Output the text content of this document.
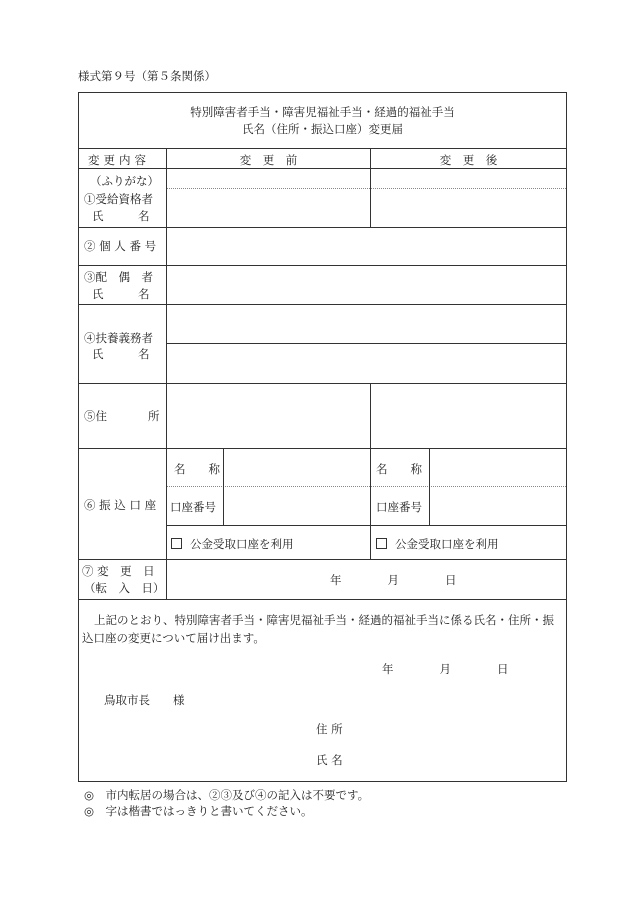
様式第９号（第５条関係）
特別障害者手当・障害児福祉手当・経過的福祉手当
氏名（住所・振込口座）変更届
変更内容	変　更　前	変　更　後
（ふりがな）
①受給資格者
氏　　　名
② 個 人 番 号
③配　偶　者
氏　　　名
④扶養義務者
氏　　　名
⑤住	所
⑥ 振 込 口 座
名　　称	名　　称
口座番号	口座番号
公金受取口座を利用	公金受取口座を利用
⑦ 変　更　日
（転　入　日）
年　　　　月　　　　日
上記のとおり、特別障害者手当・障害児福祉手当・経過的福祉手当に係る氏名・住所・振込口座の変更について届け出ます。
年　　　　月　　　　日
鳥取市長　　様
住 所
氏 名
◎　市内転居の場合は、②③及び④の記入は不要です。
◎　字は楷書ではっきりと書いてください。
